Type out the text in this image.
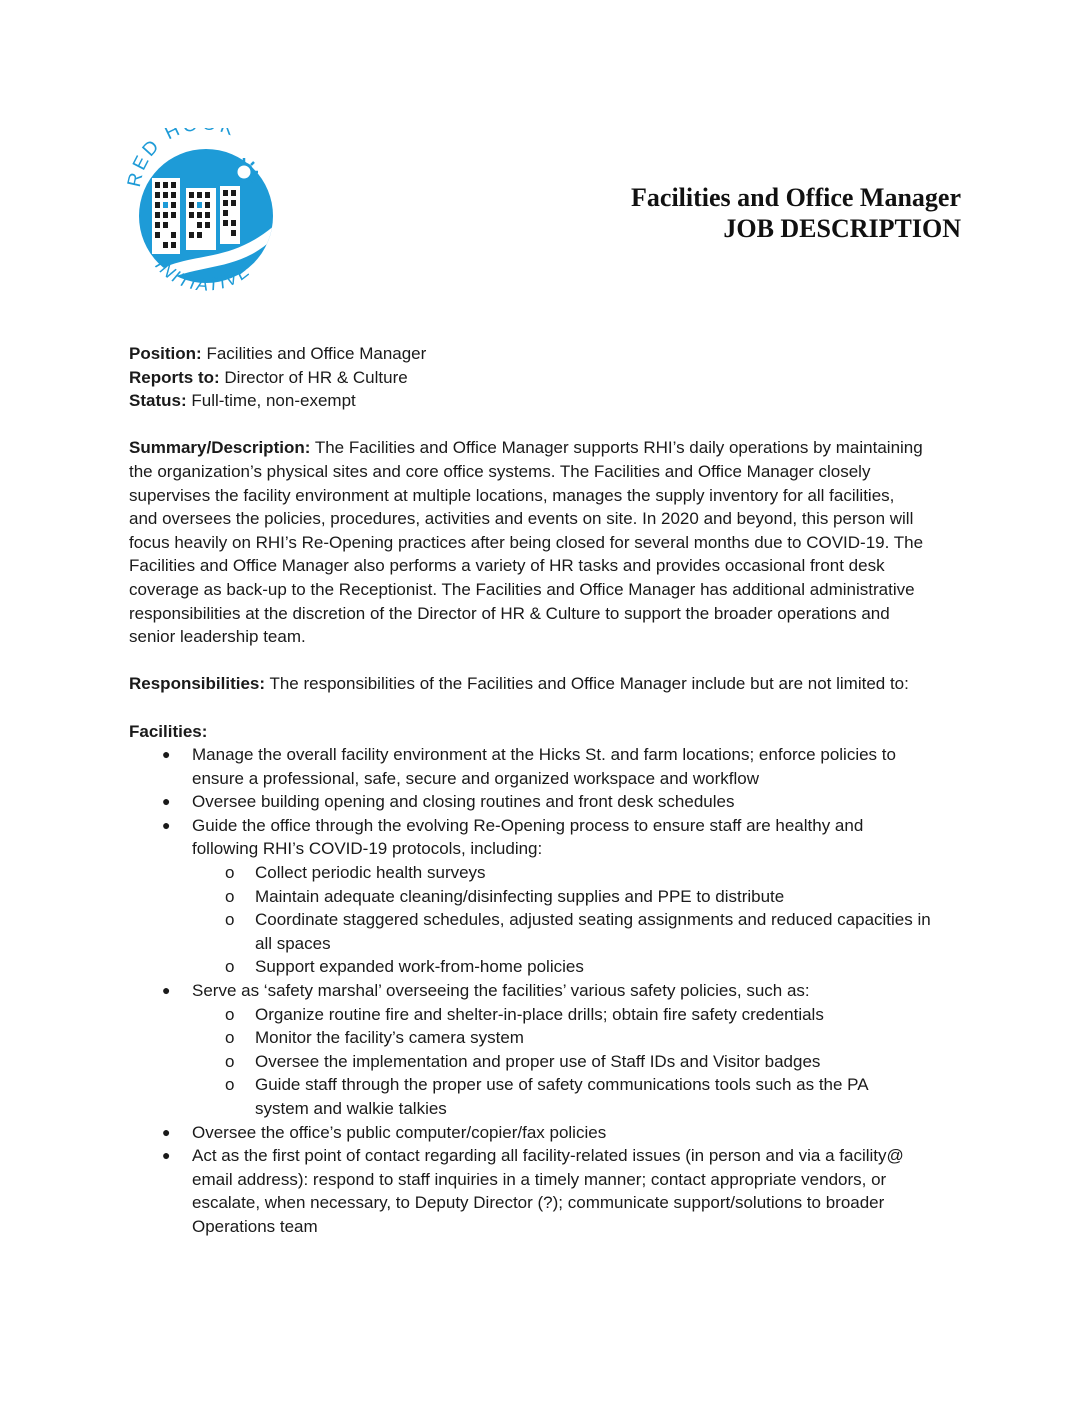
RED H K
INITIATIVE
Facilities and Office Manager
JOB DESCRIPTION
Position: Facilities and Office Manager
Reports to: Director of HR & Culture
Status: Full-time, non-exempt
Summary/Description: The Facilities and Office Manager supports RHI’s daily operations by maintaining
the organization’s physical sites and core office systems. The Facilities and Office Manager closely
supervises the facility environment at multiple locations, manages the supply inventory for all facilities,
and oversees the policies, procedures, activities and events on site. In 2020 and beyond, this person will
focus heavily on RHI’s Re-Opening practices after being closed for several months due to COVID-19. The
Facilities and Office Manager also performs a variety of HR tasks and provides occasional front desk
coverage as back-up to the Receptionist. The Facilities and Office Manager has additional administrative
responsibilities at the discretion of the Director of HR & Culture to support the broader operations and
senior leadership team.
Responsibilities: The responsibilities of the Facilities and Office Manager include but are not limited to:
Facilities:
● Manage the overall facility environment at the Hicks St. and farm locations; enforce policies to
ensure a professional, safe, secure and organized workspace and workflow
● Oversee building opening and closing routines and front desk schedules
● Guide the office through the evolving Re-Opening process to ensure staff are healthy and
following RHI’s COVID-19 protocols, including:
o Collect periodic health surveys
o Maintain adequate cleaning/disinfecting supplies and PPE to distribute
o Coordinate staggered schedules, adjusted seating assignments and reduced capacities in
all spaces
o Support expanded work-from-home policies
● Serve as ‘safety marshal’ overseeing the facilities’ various safety policies, such as:
o Organize routine fire and shelter-in-place drills; obtain fire safety credentials
o Monitor the facility’s camera system
o Oversee the implementation and proper use of Staff IDs and Visitor badges
o Guide staff through the proper use of safety communications tools such as the PA
system and walkie talkies
● Oversee the office’s public computer/copier/fax policies
● Act as the first point of contact regarding all facility-related issues (in person and via a facility@
email address): respond to staff inquiries in a timely manner; contact appropriate vendors, or
escalate, when necessary, to Deputy Director (?); communicate support/solutions to broader
Operations team
